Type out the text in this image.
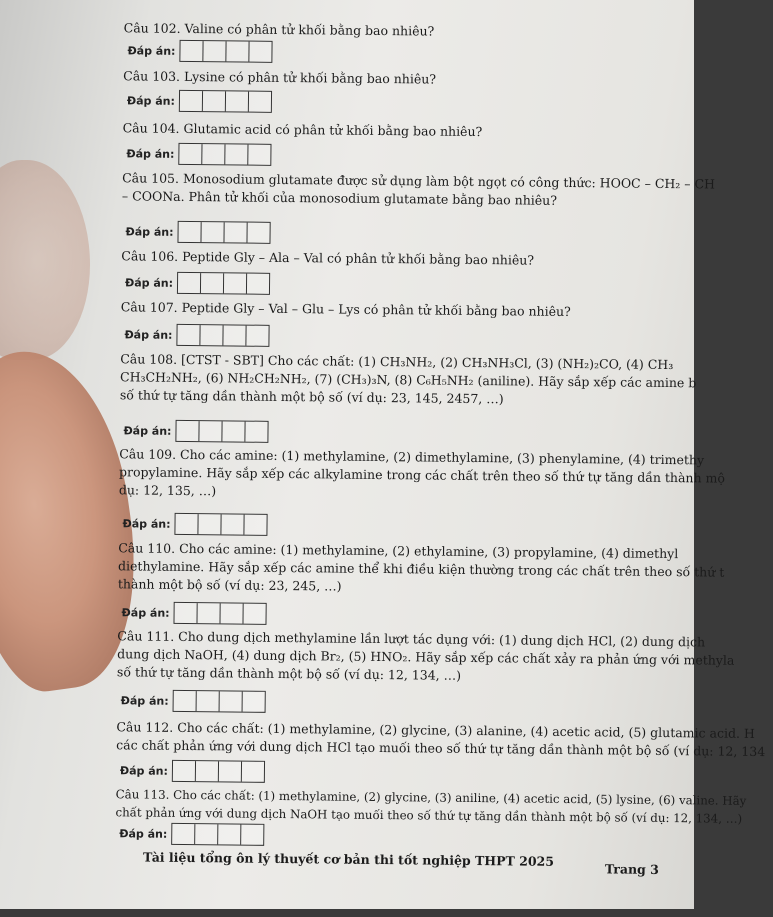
Câu 102. Valine có phân tử khối bằng bao nhiêu?
Đáp án:
Câu 103. Lysine có phân tử khối bằng bao nhiêu?
Đáp án:
Câu 104. Glutamic acid có phân tử khối bằng bao nhiêu?
Đáp án:
Câu 105. Monosodium glutamate được sử dụng làm bột ngọt có công thức: HOOC – CH₂ – CH
– COONa. Phân tử khối của monosodium glutamate bằng bao nhiêu?
Đáp án:
Câu 106. Peptide Gly – Ala – Val có phân tử khối bằng bao nhiêu?
Đáp án:
Câu 107. Peptide Gly – Val – Glu – Lys có phân tử khối bằng bao nhiêu?
Đáp án:
Câu 108. [CTST - SBT] Cho các chất: (1) CH₃NH₂, (2) CH₃NH₃Cl, (3) (NH₂)₂CO, (4) CH₃
CH₃CH₂NH₂, (6) NH₂CH₂NH₂, (7) (CH₃)₃N, (8) C₆H₅NH₂ (aniline). Hãy sắp xếp các amine b
số thứ tự tăng dần thành một bộ số (ví dụ: 23, 145, 2457, …)
Đáp án:
Câu 109. Cho các amine: (1) methylamine, (2) dimethylamine, (3) phenylamine, (4) trimethy
propylamine. Hãy sắp xếp các alkylamine trong các chất trên theo số thứ tự tăng dần thành mộ
dụ: 12, 135, …)
Đáp án:
Câu 110. Cho các amine: (1) methylamine, (2) ethylamine, (3) propylamine, (4) dimethyl
diethylamine. Hãy sắp xếp các amine thể khi điều kiện thường trong các chất trên theo số thứ t
thành một bộ số (ví dụ: 23, 245, …)
Đáp án:
Câu 111. Cho dung dịch methylamine lần lượt tác dụng với: (1) dung dịch HCl, (2) dung dịch
dung dịch NaOH, (4) dung dịch Br₂, (5) HNO₂. Hãy sắp xếp các chất xảy ra phản ứng với methyla
số thứ tự tăng dần thành một bộ số (ví dụ: 12, 134, …)
Đáp án:
Câu 112. Cho các chất: (1) methylamine, (2) glycine, (3) alanine, (4) acetic acid, (5) glutamic acid. H
các chất phản ứng với dung dịch HCl tạo muối theo số thứ tự tăng dần thành một bộ số (ví dụ: 12, 134
Đáp án:
Câu 113. Cho các chất: (1) methylamine, (2) glycine, (3) aniline, (4) acetic acid, (5) lysine, (6) valine. Hãy
chất phản ứng với dung dịch NaOH tạo muối theo số thứ tự tăng dần thành một bộ số (ví dụ: 12, 134, …)
Đáp án:
Tài liệu tổng ôn lý thuyết cơ bản thi tốt nghiệp THPT 2025
Trang 3
